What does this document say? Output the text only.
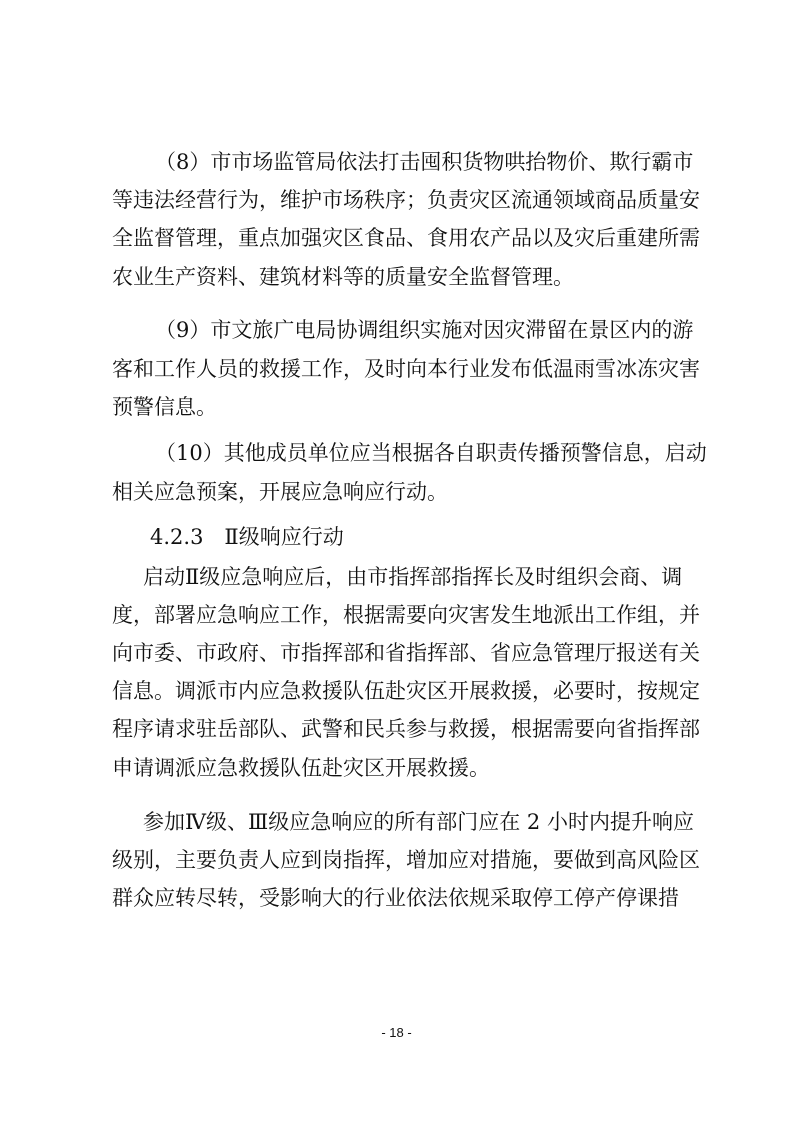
（8）市市场监管局依法打击囤积货物哄抬物价、欺行霸市
等违法经营行为，维护市场秩序；负责灾区流通领域商品质量安
全监督管理，重点加强灾区食品、食用农产品以及灾后重建所需
农业生产资料、建筑材料等的质量安全监督管理。
（9）市文旅广电局协调组织实施对因灾滞留在景区内的游
客和工作人员的救援工作，及时向本行业发布低温雨雪冰冻灾害
预警信息。
（10）其他成员单位应当根据各自职责传播预警信息，启动
相关应急预案，开展应急响应行动。
4.2.3　Ⅱ级响应行动
启动Ⅱ级应急响应后，由市指挥部指挥长及时组织会商、调
度，部署应急响应工作，根据需要向灾害发生地派出工作组，并
向市委、市政府、市指挥部和省指挥部、省应急管理厅报送有关
信息。调派市内应急救援队伍赴灾区开展救援，必要时，按规定
程序请求驻岳部队、武警和民兵参与救援，根据需要向省指挥部
申请调派应急救援队伍赴灾区开展救援。
参加Ⅳ级、Ⅲ级应急响应的所有部门应在 2 小时内提升响应
级别，主要负责人应到岗指挥，增加应对措施，要做到高风险区
群众应转尽转，受影响大的行业依法依规采取停工停产停课措
- 18 -
